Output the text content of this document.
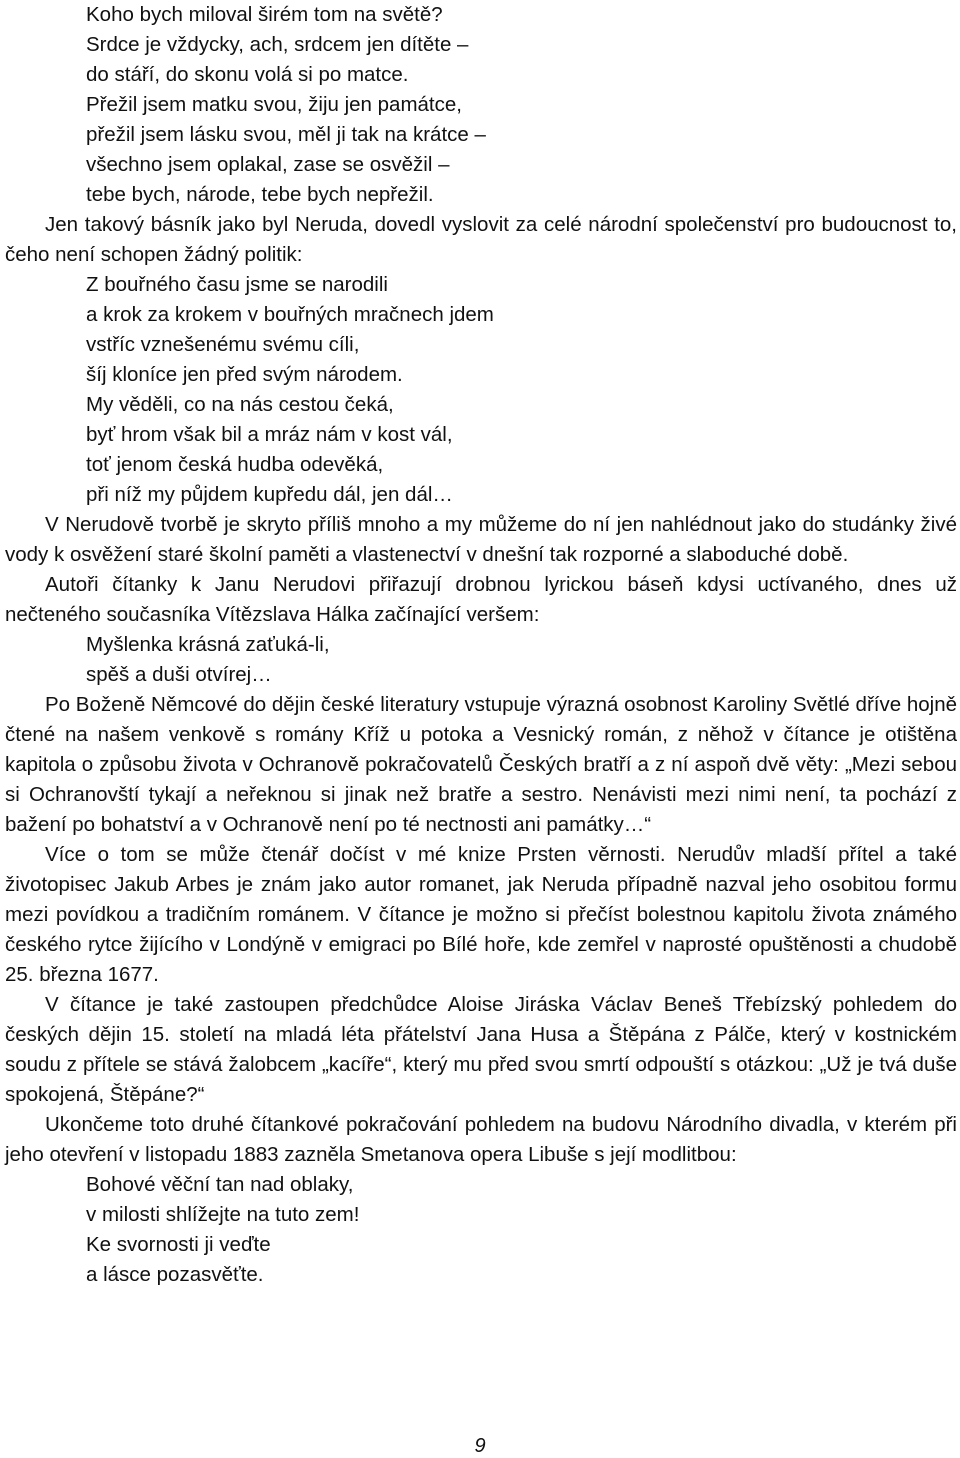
Koho bych miloval širém tom na světě?
Srdce je vždycky, ach, srdcem jen dítěte –
do stáří, do skonu volá si po matce.
Přežil jsem matku svou, žiju jen památce,
přežil jsem lásku svou, měl ji tak na krátce –
všechno jsem oplakal, zase se osvěžil –
tebe bych, národe, tebe bych nepřežil.

Jen takový básník jako byl Neruda, dovedl vyslovit za celé národní společenství pro budoucnost to, čeho není schopen žádný politik:

Z bouřného času jsme se narodili
a krok za krokem v bouřných mračnech jdem
vstříc vznešenému svému cíli,
šíj kloníce jen před svým národem.
My věděli, co na nás cestou čeká,
byť hrom však bil a mráz nám v kost vál,
toť jenom česká hudba odevěká,
při níž my půjdem kupředu dál, jen dál…

V Nerudově tvorbě je skryto příliš mnoho a my můžeme do ní jen nahlédnout jako do studánky živé vody k osvěžení staré školní paměti a vlastenectví v dnešní tak rozporné a slaboduché době.

Autoři čítanky k Janu Nerudovi přiřazují drobnou lyrickou báseň kdysi uctívaného, dnes už nečteného současníka Vítězslava Hálka začínající veršem:

Myšlenka krásná zaťuká-li,
spěš a duši otvírej…

Po Boženě Němcové do dějin české literatury vstupuje výrazná osobnost Karoliny Světlé dříve hojně čtené na našem venkově s romány Kříž u potoka a Vesnický román, z něhož v čítance je otištěna kapitola o způsobu života v Ochranově pokračovatelů Českých bratří a z ní aspoň dvě věty: „Mezi sebou si Ochranovští tykají a neřeknou si jinak než bratře a sestro. Nenávisti mezi nimi není, ta pochází z bažení po bohatství a v Ochranově není po té nectnosti ani památky…“

Více o tom se může čtenář dočíst v mé knize Prsten věrnosti. Nerudův mladší přítel a také životopisec Jakub Arbes je znám jako autor romanet, jak Neruda případně nazval jeho osobitou formu mezi povídkou a tradičním románem. V čítance je možno si přečíst bolestnou kapitolu života známého českého rytce žijícího v Londýně v emigraci po Bílé hoře, kde zemřel v naprosté opuštěnosti a chudobě 25. března 1677.

V čítance je také zastoupen předchůdce Aloise Jiráska Václav Beneš Třebízský pohledem do českých dějin 15. století na mladá léta přátelství Jana Husa a Štěpána z Pálče, který v kostnickém soudu z přítele se stává žalobcem „kacíře“, který mu před svou smrtí odpouští s otázkou: „Už je tvá duše spokojená, Štěpáne?“

Ukončeme toto druhé čítankové pokračování pohledem na budovu Národního divadla, v kterém při jeho otevření v listopadu 1883 zazněla Smetanova opera Libuše s její modlitbou:

Bohové věční tan nad oblaky,
v milosti shlížejte na tuto zem!
Ke svornosti ji veďte
a lásce pozasvěťte.
9
